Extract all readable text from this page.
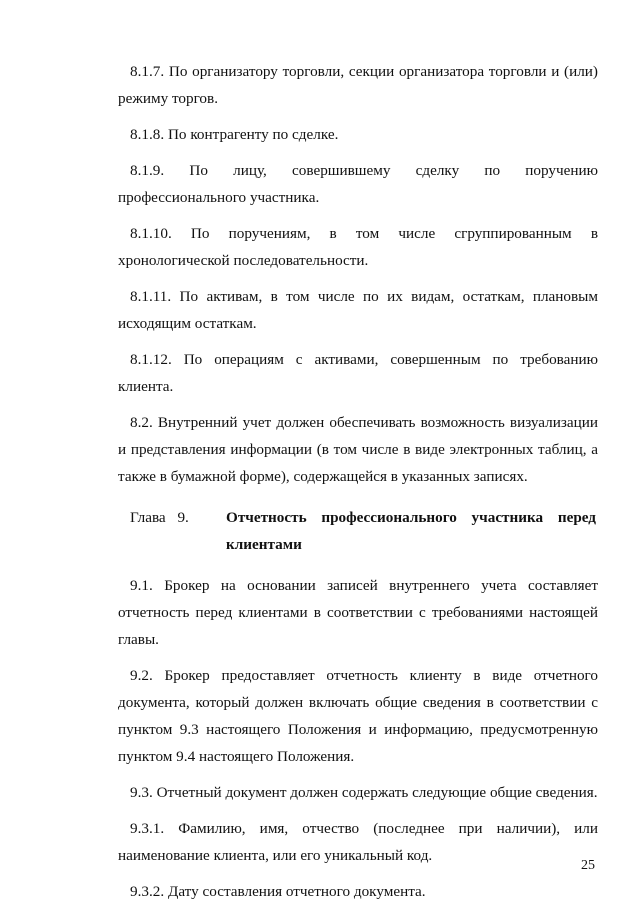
8.1.7. По организатору торговли, секции организатора торговли и (или) режиму торгов.

8.1.8. По контрагенту по сделке.

8.1.9. По лицу, совершившему сделку по поручению профессионального участника.

8.1.10. По поручениям, в том числе сгруппированным в хронологической последовательности.

8.1.11. По активам, в том числе по их видам, остаткам, плановым исходящим остаткам.

8.1.12. По операциям с активами, совершенным по требованию клиента.

8.2. Внутренний учет должен обеспечивать возможность визуализации и представления информации (в том числе в виде электронных таблиц, а также в бумажной форме), содержащейся в указанных записях.

Глава 9.	Отчетность профессионального участника перед
клиентами

9.1. Брокер на основании записей внутреннего учета составляет отчетность перед клиентами в соответствии с требованиями настоящей главы.

9.2. Брокер предоставляет отчетность клиенту в виде отчетного документа, который должен включать общие сведения в соответствии с пунктом 9.3 настоящего Положения и информацию, предусмотренную пунктом 9.4 настоящего Положения.

9.3. Отчетный документ должен содержать следующие общие сведения.

9.3.1. Фамилию, имя, отчество (последнее при наличии), или наименование клиента, или его уникальный код.

9.3.2. Дату составления отчетного документа.

25
